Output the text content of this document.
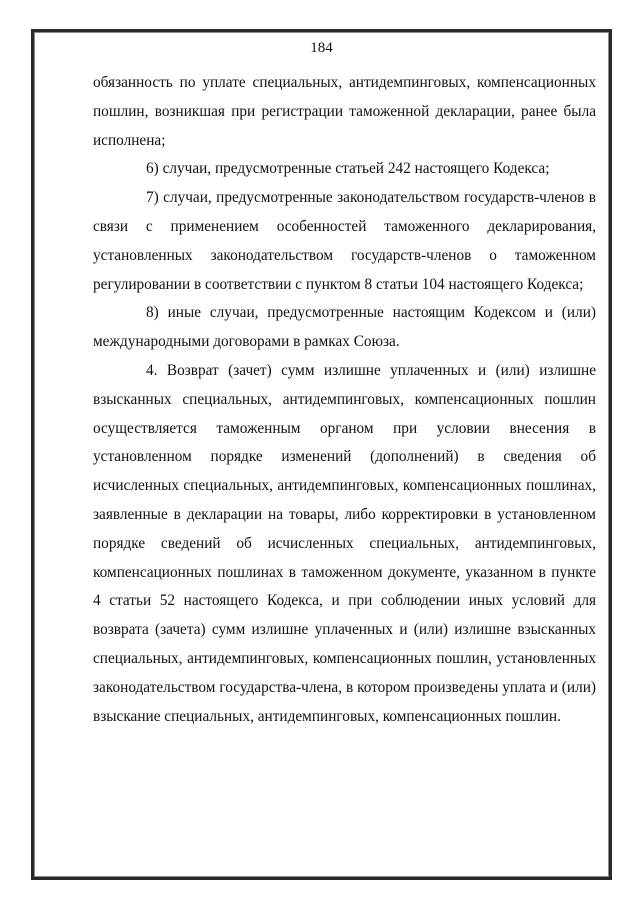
184

обязанность по уплате специальных, антидемпинговых, компенсационных пошлин, возникшая при регистрации таможенной декларации, ранее была исполнена;

6) случаи, предусмотренные статьей 242 настоящего Кодекса;

7) случаи, предусмотренные законодательством государств-членов в связи с применением особенностей таможенного декларирования, установленных законодательством государств-членов о таможенном регулировании в соответствии с пунктом 8 статьи 104 настоящего Кодекса;

8) иные случаи, предусмотренные настоящим Кодексом и (или) международными договорами в рамках Союза.

4. Возврат (зачет) сумм излишне уплаченных и (или) излишне взысканных специальных, антидемпинговых, компенсационных пошлин осуществляется таможенным органом при условии внесения в установленном порядке изменений (дополнений) в сведения об исчисленных специальных, антидемпинговых, компенсационных пошлинах, заявленные в декларации на товары, либо корректировки в установленном порядке сведений об исчисленных специальных, антидемпинговых, компенсационных пошлинах в таможенном документе, указанном в пункте 4 статьи 52 настоящего Кодекса, и при соблюдении иных условий для возврата (зачета) сумм излишне уплаченных и (или) излишне взысканных специальных, антидемпинговых, компенсационных пошлин, установленных законодательством государства-члена, в котором произведены уплата и (или) взыскание специальных, антидемпинговых, компенсационных пошлин.
